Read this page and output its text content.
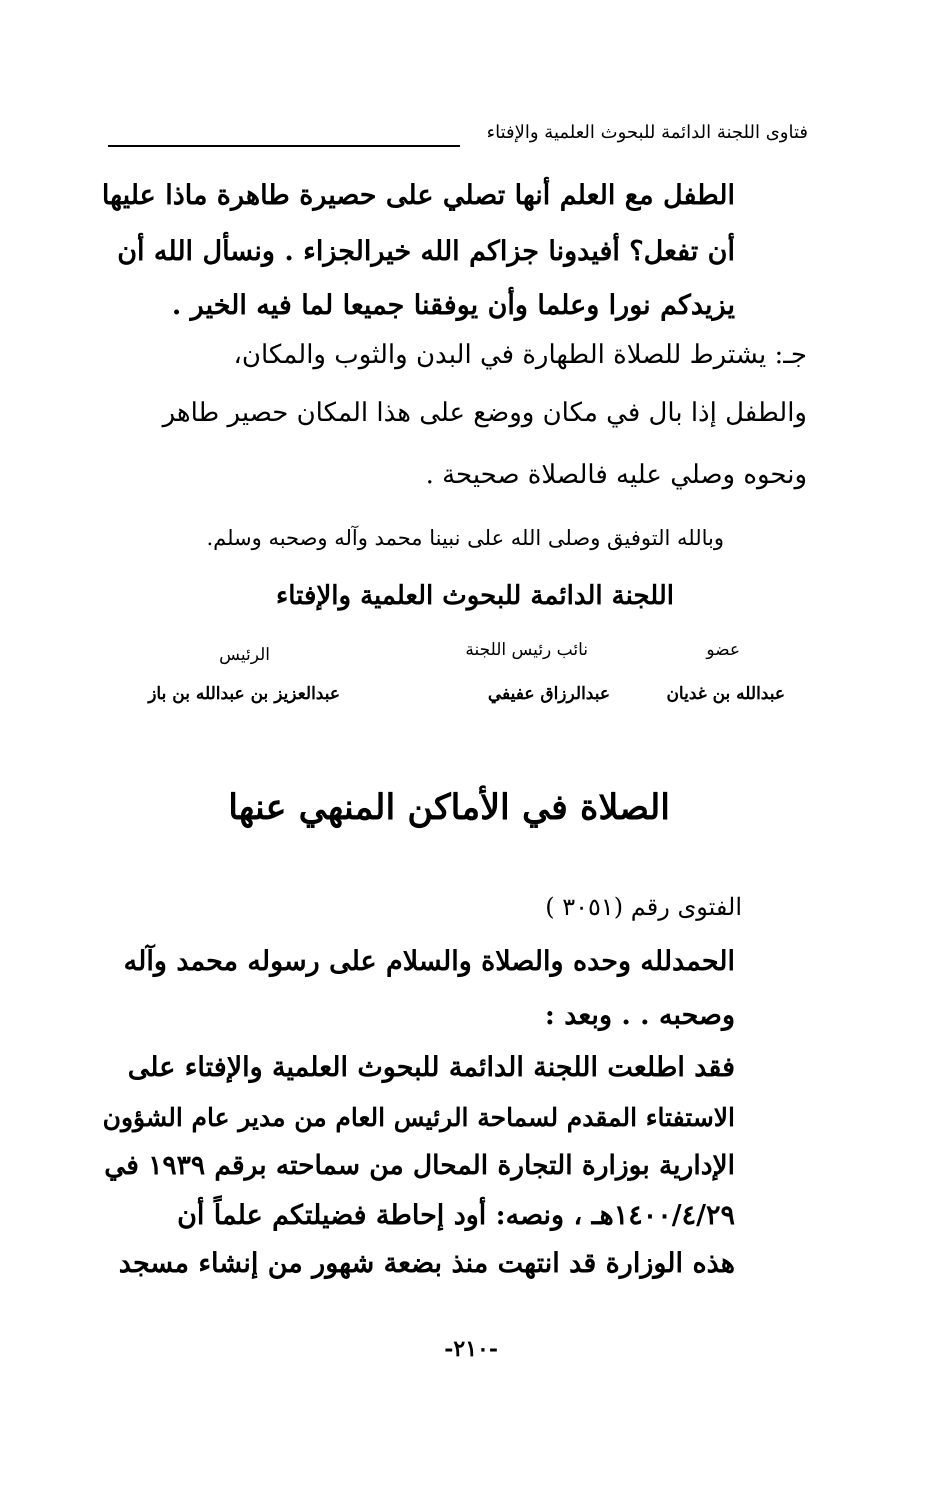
فتاوى اللجنة الدائمة للبحوث العلمية والإفتاء
الطفل مع العلم أنها تصلي على حصيرة طاهرة ماذا عليها
أن تفعل؟ أفيدونا جزاكم الله خيرالجزاء . ونسأل الله أن
يزيدكم نورا وعلما وأن يوفقنا جميعا لما فيه الخير .
جـ: يشترط للصلاة الطهارة في البدن والثوب والمكان،
والطفل إذا بال في مكان ووضع على هذا المكان حصير طاهر
ونحوه وصلي عليه فالصلاة صحيحة .
وبالله التوفيق وصلى الله على نبينا محمد وآله وصحبه وسلم.
اللجنة الدائمة للبحوث العلمية والإفتاء
عضو
نائب رئيس اللجنة
الرئيس
عبدالله بن غديان
عبدالرزاق عفيفي
عبدالعزيز بن عبدالله بن باز
الصلاة في الأماكن المنهي عنها
الفتوى رقم (٣٠٥١ )
الحمدلله وحده والصلاة والسلام على رسوله محمد وآله
وصحبه . . وبعد :
فقد اطلعت اللجنة الدائمة للبحوث العلمية والإفتاء على
الاستفتاء المقدم لسماحة الرئيس العام من مدير عام الشؤون
الإدارية بوزارة التجارة المحال من سماحته برقم ١٩٣٩ في
١٤٠٠/٤/٢٩هـ ، ونصه: أود إحاطة فضيلتكم علماً أن
هذه الوزارة قد انتهت منذ بضعة شهور من إنشاء مسجد
-٢١٠-
